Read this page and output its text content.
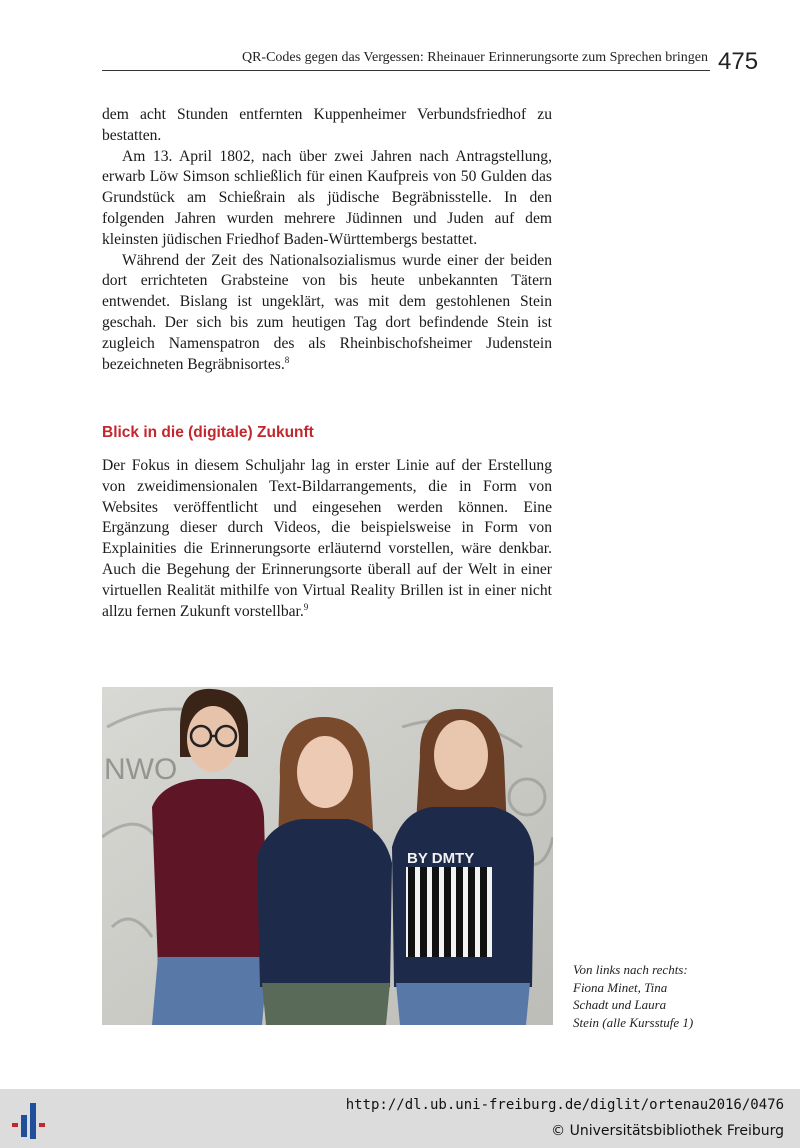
QR-Codes gegen das Vergessen: Rheinauer Erinnerungsorte zum Sprechen bringen 475

dem acht Stunden entfernten Kuppenheimer Verbundsfriedhof zu bestatten.

Am 13. April 1802, nach über zwei Jahren nach Antragstellung, erwarb Löw Simson schließlich für einen Kaufpreis von 50 Gulden das Grundstück am Schießrain als jüdische Begräbnisstelle. In den folgenden Jahren wurden mehrere Jüdinnen und Juden auf dem kleinsten jüdischen Friedhof Baden-Württembergs bestattet.

Während der Zeit des Nationalsozialismus wurde einer der beiden dort errichteten Grabsteine von bis heute unbekannten Tätern entwendet. Bislang ist ungeklärt, was mit dem gestohlenen Stein geschah. Der sich bis zum heutigen Tag dort befindende Stein ist zugleich Namenspatron des als Rheinbischofsheimer Judenstein bezeichneten Begräbnisortes.$^8$

Blick in die (digitale) Zukunft

Der Fokus in diesem Schuljahr lag in erster Linie auf der Erstellung von zweidimensionalen Text-Bildarrangements, die in Form von Websites veröffentlicht und eingesehen werden können. Eine Ergänzung dieser durch Videos, die beispielsweise in Form von Explainities die Erinnerungsorte erläuternd vorstellen, wäre denkbar. Auch die Begehung der Erinnerungsorte überall auf der Welt in einer virtuellen Realität mithilfe von Virtual Reality Brillen ist in einer nicht allzu fernen Zukunft vorstellbar.$^9$

NWO
BY DMTY
Von links nach rechts:
Fiona Minet, Tina
Schadt und Laura
Stein (alle Kursstufe 1)
http://dl.ub.uni-freiburg.de/diglit/ortenau2016/0476
© Universitätsbibliothek Freiburg
